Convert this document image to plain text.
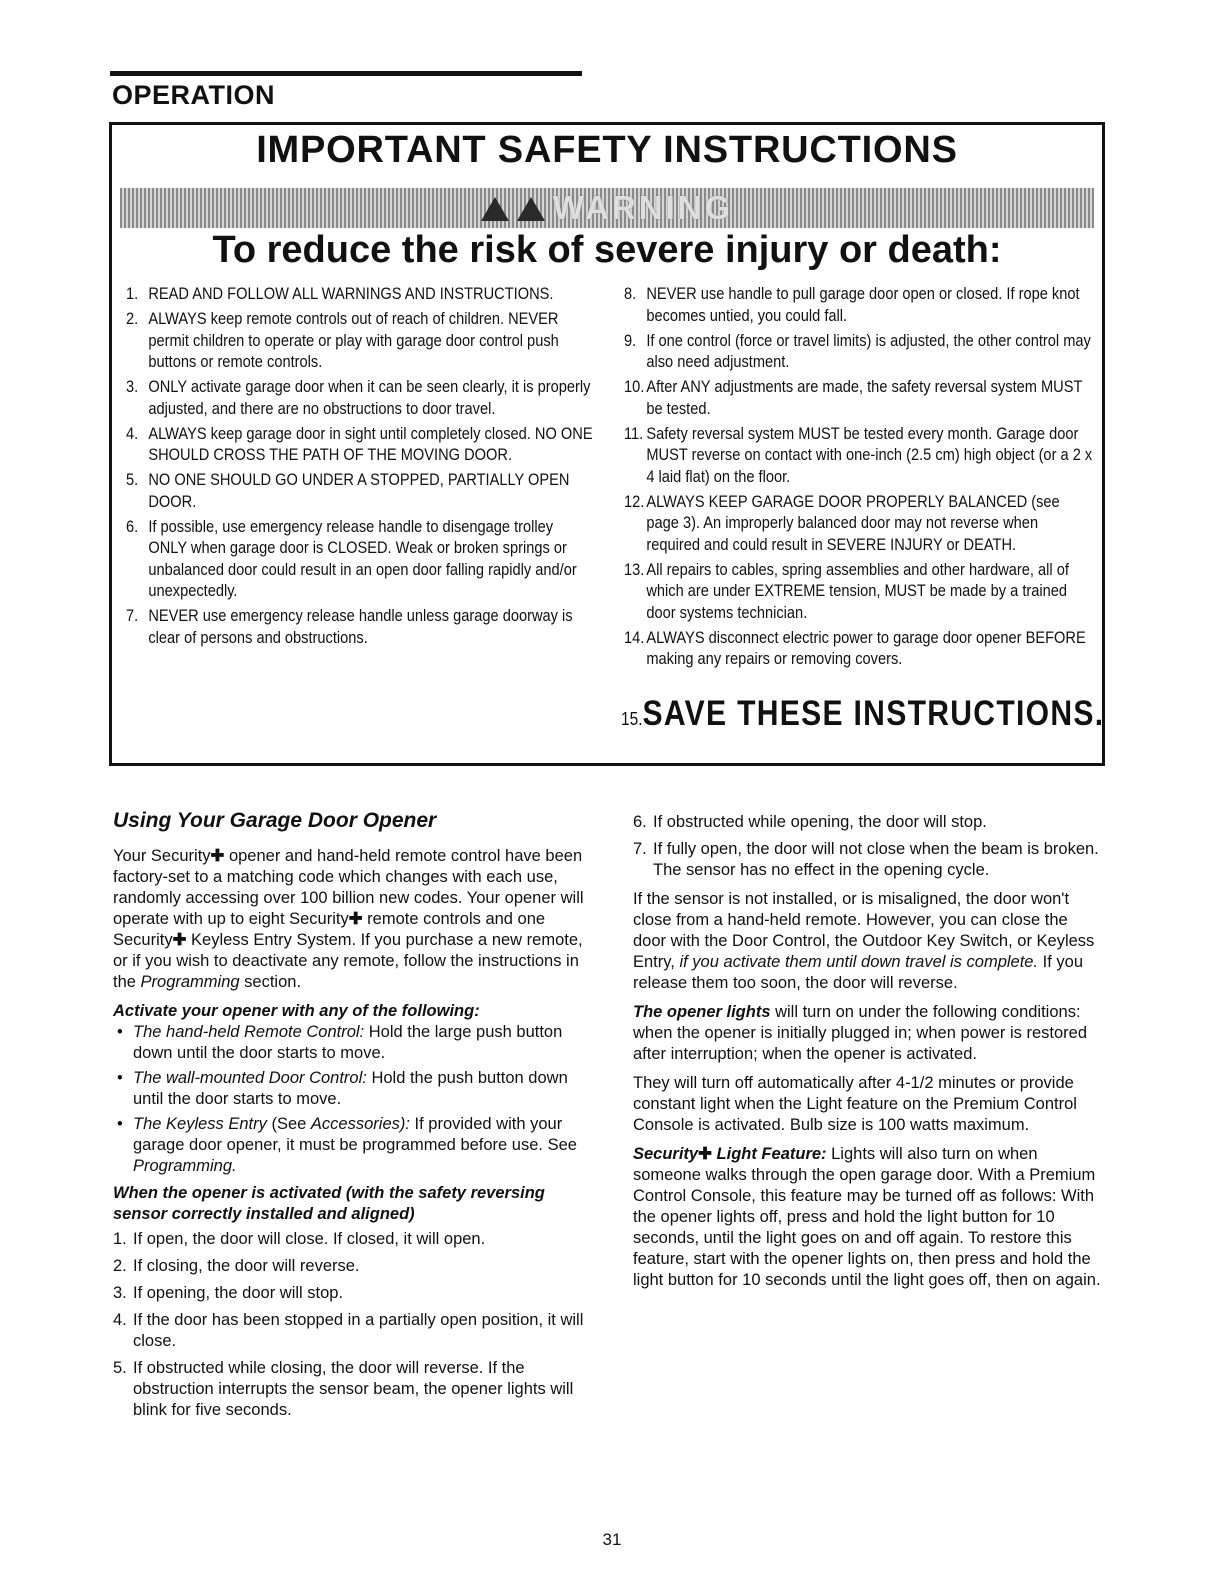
OPERATION
IMPORTANT SAFETY INSTRUCTIONS
WARNING
To reduce the risk of severe injury or death:
1. READ AND FOLLOW ALL WARNINGS AND INSTRUCTIONS.
2. ALWAYS keep remote controls out of reach of children. NEVER permit children to operate or play with garage door control push buttons or remote controls.
3. ONLY activate garage door when it can be seen clearly, it is properly adjusted, and there are no obstructions to door travel.
4. ALWAYS keep garage door in sight until completely closed. NO ONE SHOULD CROSS THE PATH OF THE MOVING DOOR.
5. NO ONE SHOULD GO UNDER A STOPPED, PARTIALLY OPEN DOOR.
6. If possible, use emergency release handle to disengage trolley ONLY when garage door is CLOSED. Weak or broken springs or unbalanced door could result in an open door falling rapidly and/or unexpectedly.
7. NEVER use emergency release handle unless garage doorway is clear of persons and obstructions.
8. NEVER use handle to pull garage door open or closed. If rope knot becomes untied, you could fall.
9. If one control (force or travel limits) is adjusted, the other control may also need adjustment.
10. After ANY adjustments are made, the safety reversal system MUST be tested.
11. Safety reversal system MUST be tested every month. Garage door MUST reverse on contact with one-inch (2.5 cm) high object (or a 2 x 4 laid flat) on the floor.
12. ALWAYS KEEP GARAGE DOOR PROPERLY BALANCED (see page 3). An improperly balanced door may not reverse when required and could result in SEVERE INJURY or DEATH.
13. All repairs to cables, spring assemblies and other hardware, all of which are under EXTREME tension, MUST be made by a trained door systems technician.
14. ALWAYS disconnect electric power to garage door opener BEFORE making any repairs or removing covers.
15.SAVE THESE INSTRUCTIONS.
Using Your Garage Door Opener

Your Security✚ opener and hand-held remote control have been factory-set to a matching code which changes with each use, randomly accessing over 100 billion new codes. Your opener will operate with up to eight Security✚ remote controls and one Security✚ Keyless Entry System. If you purchase a new remote, or if you wish to deactivate any remote, follow the instructions in the Programming section.

Activate your opener with any of the following:
• The hand-held Remote Control: Hold the large push button down until the door starts to move.
• The wall-mounted Door Control: Hold the push button down until the door starts to move.
• The Keyless Entry (See Accessories): If provided with your garage door opener, it must be programmed before use. See Programming.
When the opener is activated (with the safety reversing sensor correctly installed and aligned)
1. If open, the door will close. If closed, it will open.
2. If closing, the door will reverse.
3. If opening, the door will stop.
4. If the door has been stopped in a partially open position, it will close.
5. If obstructed while closing, the door will reverse. If the obstruction interrupts the sensor beam, the opener lights will blink for five seconds.
6. If obstructed while opening, the door will stop.
7. If fully open, the door will not close when the beam is broken. The sensor has no effect in the opening cycle.

If the sensor is not installed, or is misaligned, the door won't close from a hand-held remote. However, you can close the door with the Door Control, the Outdoor Key Switch, or Keyless Entry, if you activate them until down travel is complete. If you release them too soon, the door will reverse.

The opener lights will turn on under the following conditions: when the opener is initially plugged in; when power is restored after interruption; when the opener is activated.

They will turn off automatically after 4-1/2 minutes or provide constant light when the Light feature on the Premium Control Console is activated. Bulb size is 100 watts maximum.

Security✚ Light Feature: Lights will also turn on when someone walks through the open garage door. With a Premium Control Console, this feature may be turned off as follows: With the opener lights off, press and hold the light button for 10 seconds, until the light goes on and off again. To restore this feature, start with the opener lights on, then press and hold the light button for 10 seconds until the light goes off, then on again.

31
